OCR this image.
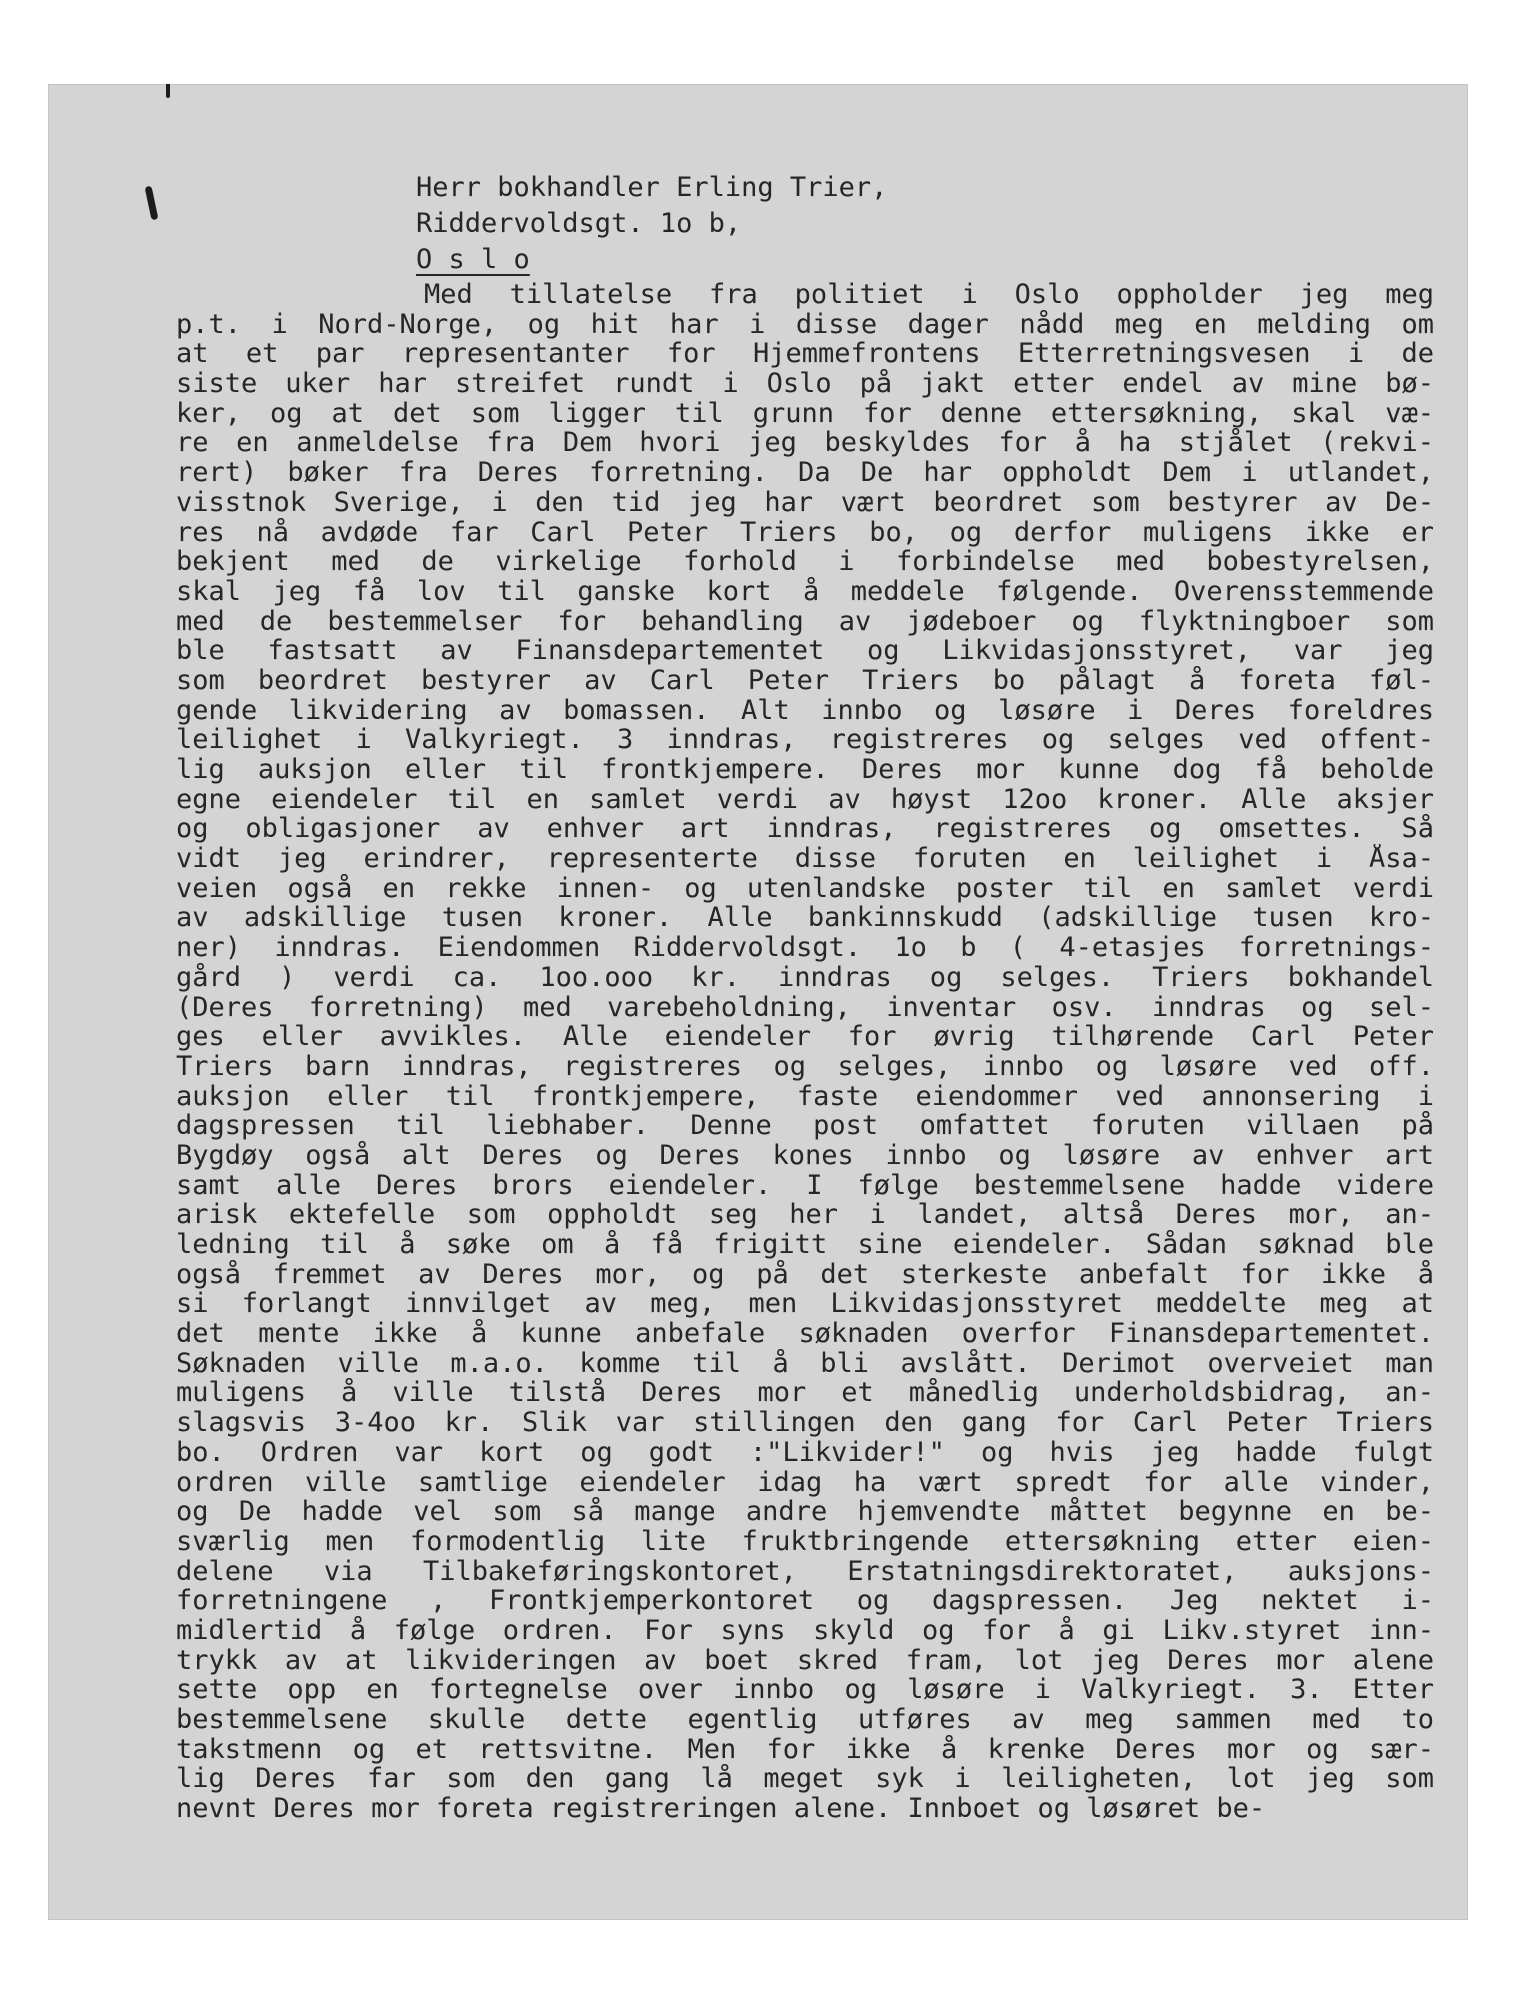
Herr bokhandler Erling Trier,
Riddervoldsgt. 1o b,
O s l o
Med tillatelse fra politiet i Oslo oppholder jeg meg
p.t. i Nord-Norge, og hit har i disse dager nådd meg en melding om
at et par representanter for Hjemmefrontens Etterretningsvesen i de
siste uker har streifet rundt i Oslo på jakt etter endel av mine bø-
ker, og at det som ligger til grunn for denne ettersøkning, skal væ-
re en anmeldelse fra Dem hvori jeg beskyldes for å ha stjålet (rekvi-
rert) bøker fra Deres forretning. Da De har oppholdt Dem i utlandet,
visstnok Sverige, i den tid jeg har vært beordret som bestyrer av De-
res nå avdøde far Carl Peter Triers bo, og derfor muligens ikke er
bekjent med de virkelige forhold i forbindelse med bobestyrelsen,
skal jeg få lov til ganske kort å meddele følgende. Overensstemmende
med de bestemmelser for behandling av jødeboer og flyktningboer som
ble fastsatt av Finansdepartementet og Likvidasjonsstyret, var jeg
som beordret bestyrer av Carl Peter Triers bo pålagt å foreta føl-
gende likvidering av bomassen. Alt innbo og løsøre i Deres foreldres
leilighet i Valkyriegt. 3 inndras, registreres og selges ved offent-
lig auksjon eller til frontkjempere. Deres mor kunne dog få beholde
egne eiendeler til en samlet verdi av høyst 12oo kroner. Alle aksjer
og obligasjoner av enhver art inndras, registreres og omsettes. Så
vidt jeg erindrer, representerte disse foruten en leilighet i Åsa-
veien også en rekke innen- og utenlandske poster til en samlet verdi
av adskillige tusen kroner. Alle bankinnskudd (adskillige tusen kro-
ner) inndras. Eiendommen Riddervoldsgt. 1o b ( 4-etasjes forretnings-
gård ) verdi ca. 1oo.ooo kr. inndras og selges. Triers bokhandel
(Deres forretning) med varebeholdning, inventar osv. inndras og sel-
ges eller avvikles. Alle eiendeler for øvrig tilhørende Carl Peter
Triers barn inndras, registreres og selges, innbo og løsøre ved off.
auksjon eller til frontkjempere, faste eiendommer ved annonsering i
dagspressen til liebhaber. Denne post omfattet foruten villaen på
Bygdøy også alt Deres og Deres kones innbo og løsøre av enhver art
samt alle Deres brors eiendeler. I følge bestemmelsene hadde videre
arisk ektefelle som oppholdt seg her i landet, altså Deres mor, an-
ledning til å søke om å få frigitt sine eiendeler. Sådan søknad ble
også fremmet av Deres mor, og på det sterkeste anbefalt for ikke å
si forlangt innvilget av meg, men Likvidasjonsstyret meddelte meg at
det mente ikke å kunne anbefale søknaden overfor Finansdepartementet.
Søknaden ville m.a.o. komme til å bli avslått. Derimot overveiet man
muligens å ville tilstå Deres mor et månedlig underholdsbidrag, an-
slagsvis 3-4oo kr. Slik var stillingen den gang for Carl Peter Triers
bo. Ordren var kort og godt :"Likvider!" og hvis jeg hadde fulgt
ordren ville samtlige eiendeler idag ha vært spredt for alle vinder,
og De hadde vel som så mange andre hjemvendte måttet begynne en be-
sværlig men formodentlig lite fruktbringende ettersøkning etter eien-
delene via Tilbakeføringskontoret, Erstatningsdirektoratet, auksjons-
forretningene , Frontkjemperkontoret og dagspressen. Jeg nektet i-
midlertid å følge ordren. For syns skyld og for å gi Likv.styret inn-
trykk av at likvideringen av boet skred fram, lot jeg Deres mor alene
sette opp en fortegnelse over innbo og løsøre i Valkyriegt. 3. Etter
bestemmelsene skulle dette egentlig utføres av meg sammen med to
takstmenn og et rettsvitne. Men for ikke å krenke Deres mor og sær-
lig Deres far som den gang lå meget syk i leiligheten, lot jeg som
nevnt Deres mor foreta registreringen alene. Innboet og løsøret be-
